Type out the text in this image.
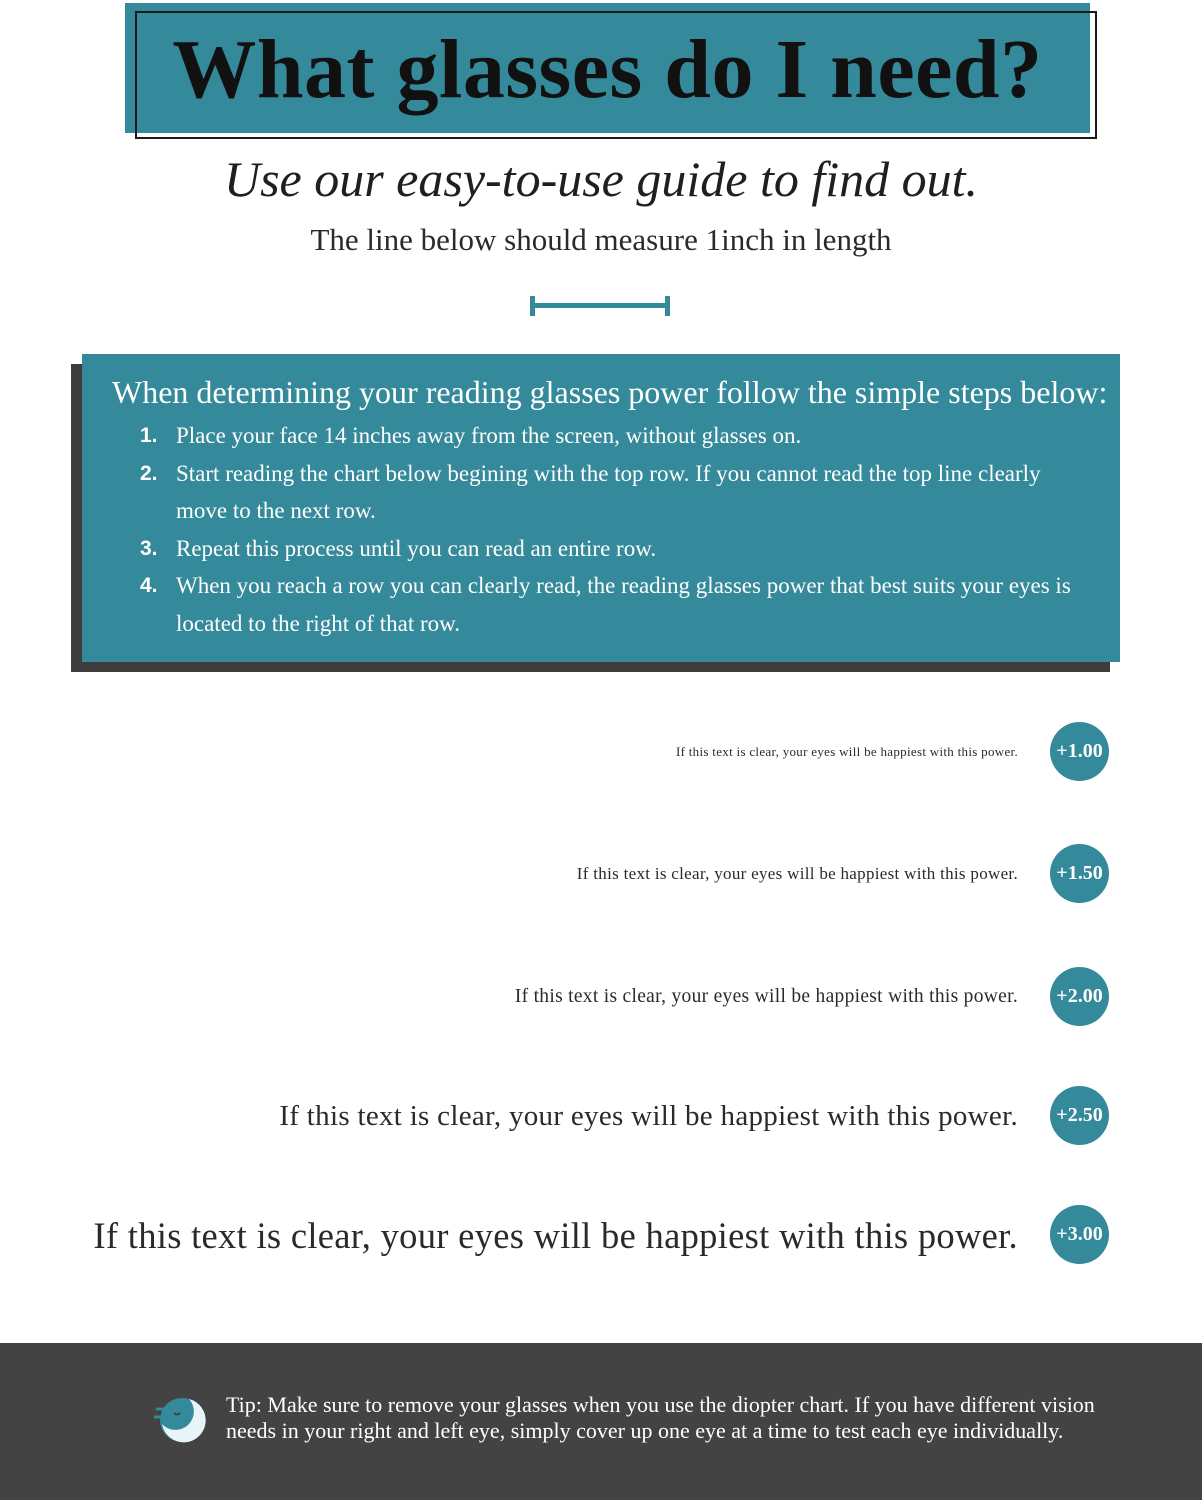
What glasses do I need?
Use our easy-to-use guide to find out.
The line below should measure 1inch in length
When determining your reading glasses power follow the simple steps below:
1. Place your face 14 inches away from the screen, without glasses on.
2. Start reading the chart below begining with the top row. If you cannot read the top line clearly move to the next row.
3. Repeat this process until you can read an entire row.
4. When you reach a row you can clearly read, the reading glasses power that best suits your eyes is located to the right of that row.
If this text is clear, your eyes will be happiest with this power.	+1.00
If this text is clear, your eyes will be happiest with this power.	+1.50
If this text is clear, your eyes will be happiest with this power.	+2.00
If this text is clear, your eyes will be happiest with this power.	+2.50
If this text is clear, your eyes will be happiest with this power.	+3.00
Tip: Make sure to remove your glasses when you use the diopter chart. If you have different vision needs in your right and left eye, simply cover up one eye at a time to test each eye individually.
